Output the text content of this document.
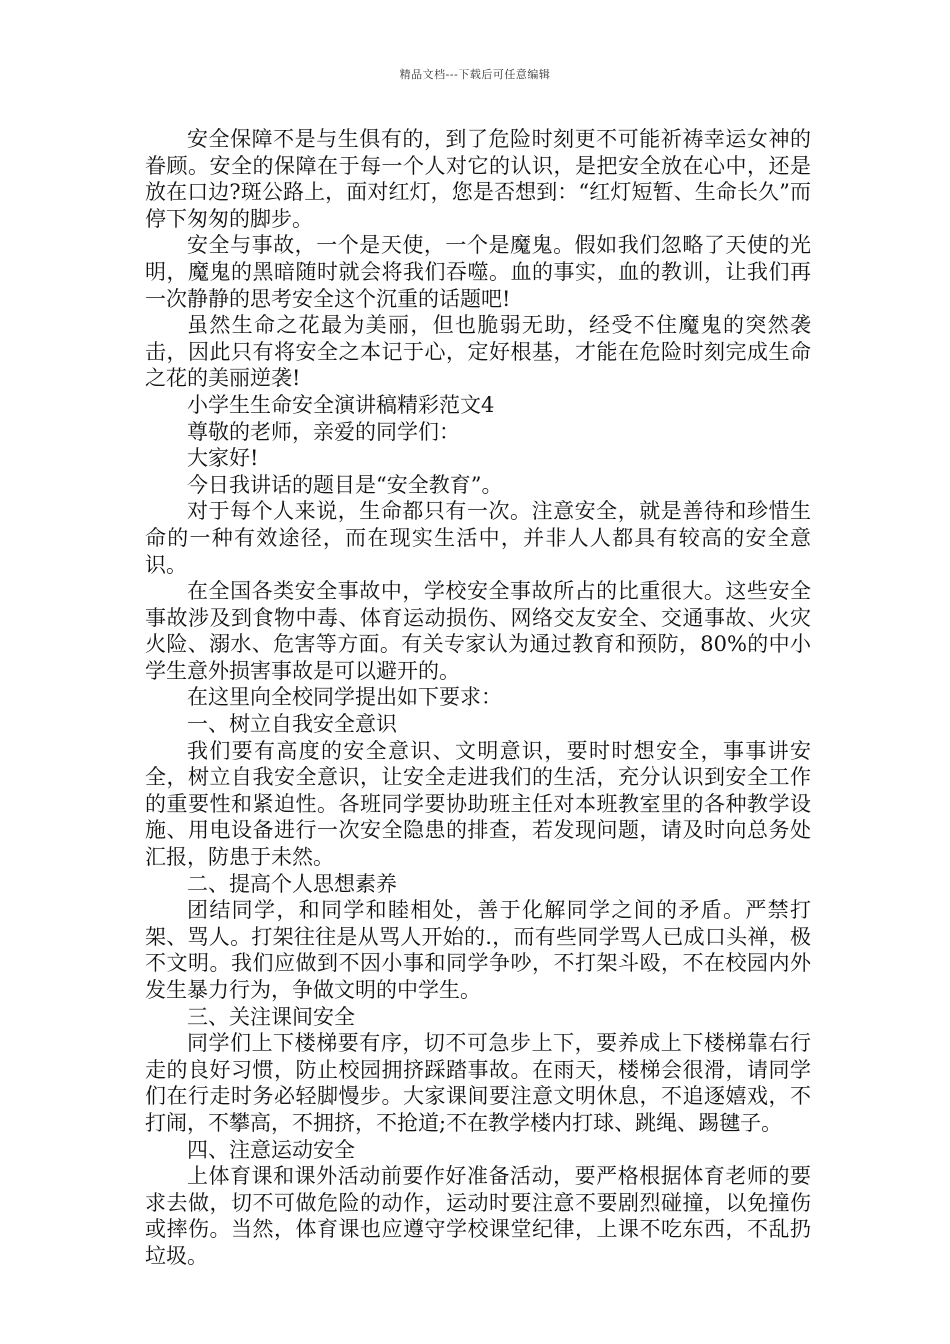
精品文档---下载后可任意编辑

安全保障不是与生俱有的，到了危险时刻更不可能祈祷幸运女神的眷顾。安全的保障在于每一个人对它的认识，是把安全放在心中，还是放在口边?斑公路上，面对红灯，您是否想到：“红灯短暂、生命长久”而停下匆匆的脚步。

安全与事故，一个是天使，一个是魔鬼。假如我们忽略了天使的光明，魔鬼的黑暗随时就会将我们吞噬。血的事实，血的教训，让我们再一次静静的思考安全这个沉重的话题吧!

虽然生命之花最为美丽，但也脆弱无助，经受不住魔鬼的突然袭击，因此只有将安全之本记于心，定好根基，才能在危险时刻完成生命之花的美丽逆袭!

小学生生命安全演讲稿精彩范文4

尊敬的老师，亲爱的同学们：

大家好!

今日我讲话的题目是“安全教育”。

对于每个人来说，生命都只有一次。注意安全，就是善待和珍惜生命的一种有效途径，而在现实生活中，并非人人都具有较高的安全意识。

在全国各类安全事故中，学校安全事故所占的比重很大。这些安全事故涉及到食物中毒、体育运动损伤、网络交友安全、交通事故、火灾火险、溺水、危害等方面。有关专家认为通过教育和预防，80%的中小学生意外损害事故是可以避开的。

在这里向全校同学提出如下要求：

一、树立自我安全意识

我们要有高度的安全意识、文明意识，要时时想安全，事事讲安全，树立自我安全意识，让安全走进我们的生活，充分认识到安全工作的重要性和紧迫性。各班同学要协助班主任对本班教室里的各种教学设施、用电设备进行一次安全隐患的排查，若发现问题，请及时向总务处汇报，防患于未然。

二、提高个人思想素养

团结同学，和同学和睦相处，善于化解同学之间的矛盾。严禁打架、骂人。打架往往是从骂人开始的.，而有些同学骂人已成口头禅，极不文明。我们应做到不因小事和同学争吵，不打架斗殴，不在校园内外发生暴力行为，争做文明的中学生。

三、关注课间安全

同学们上下楼梯要有序，切不可急步上下，要养成上下楼梯靠右行走的良好习惯，防止校园拥挤踩踏事故。在雨天，楼梯会很滑，请同学们在行走时务必轻脚慢步。大家课间要注意文明休息，不追逐嬉戏，不打闹，不攀高，不拥挤，不抢道;不在教学楼内打球、跳绳、踢毽子。

四、注意运动安全

上体育课和课外活动前要作好准备活动，要严格根据体育老师的要求去做，切不可做危险的动作，运动时要注意不要剧烈碰撞，以免撞伤或摔伤。当然，体育课也应遵守学校课堂纪律，上课不吃东西，不乱扔垃圾。
